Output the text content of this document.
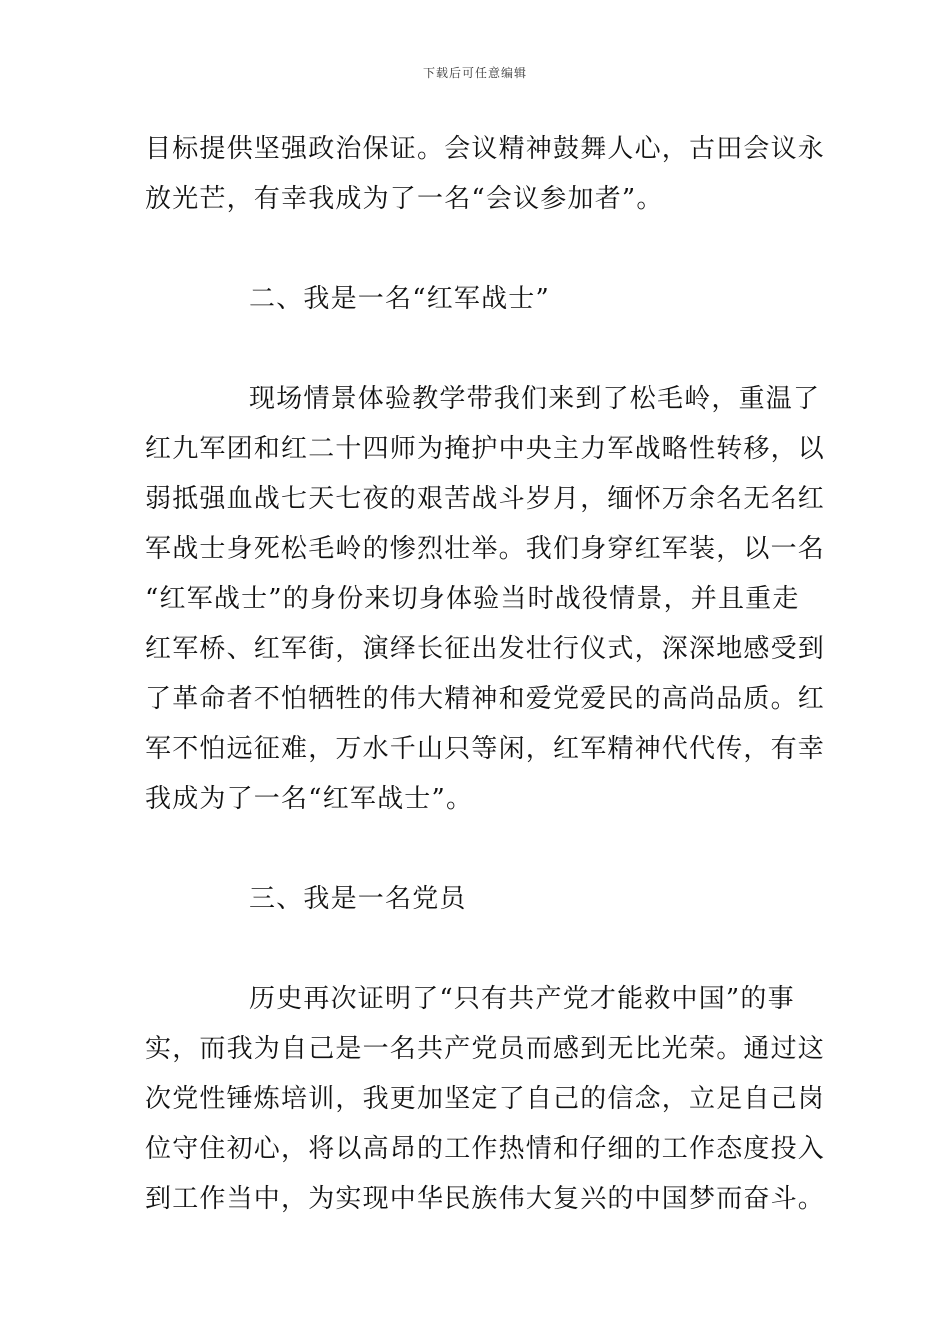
下载后可任意编辑

目标提供坚强政治保证。会议精神鼓舞人心，古田会议永
放光芒，有幸我成为了一名“会议参加者”。

二、我是一名“红军战士”

现场情景体验教学带我们来到了松毛岭，重温了
红九军团和红二十四师为掩护中央主力军战略性转移，以
弱抵强血战七天七夜的艰苦战斗岁月，缅怀万余名无名红
军战士身死松毛岭的惨烈壮举。我们身穿红军装，以一名
“红军战士”的身份来切身体验当时战役情景，并且重走
红军桥、红军街，演绎长征出发壮行仪式，深深地感受到
了革命者不怕牺牲的伟大精神和爱党爱民的高尚品质。红
军不怕远征难，万水千山只等闲，红军精神代代传，有幸
我成为了一名“红军战士”。

三、我是一名党员

历史再次证明了“只有共产党才能救中国”的事
实，而我为自己是一名共产党员而感到无比光荣。通过这
次党性锤炼培训，我更加坚定了自己的信念，立足自己岗
位守住初心，将以高昂的工作热情和仔细的工作态度投入
到工作当中，为实现中华民族伟大复兴的中国梦而奋斗。
